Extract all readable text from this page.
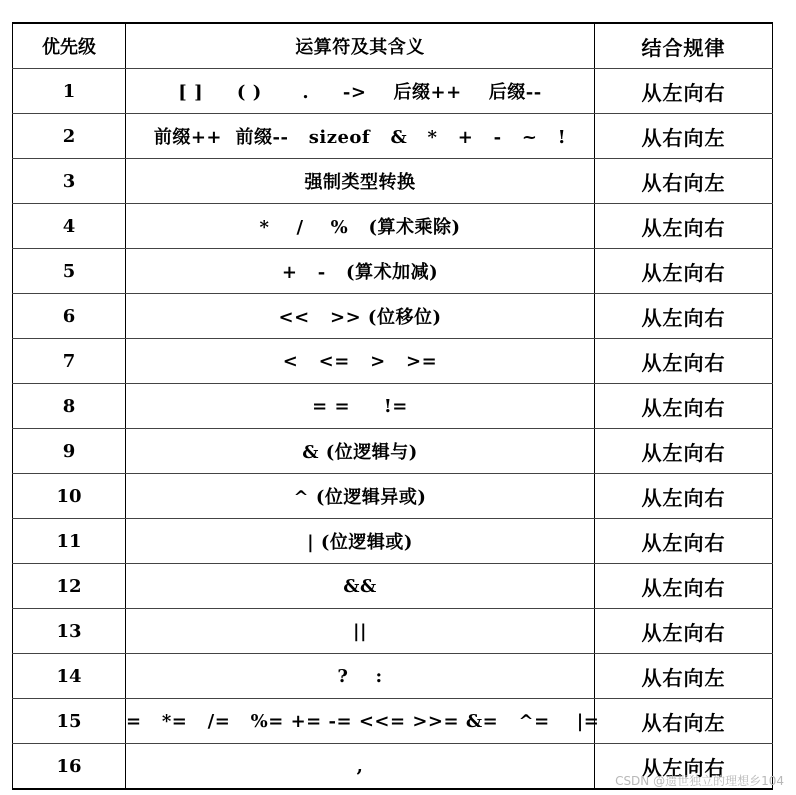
优先级	运算符及其含义	结合规律
1	[ ]     ( )      .     ->    后缀++    后缀--	从左向右
2	前缀++  前缀--   sizeof   &   *   +   -   ~   !	从右向左
3	强制类型转换	从右向左
4	*    /    %   (算术乘除)	从左向右
5	+   -   (算术加减)	从左向右
6	<<   >> (位移位)	从左向右
7	<   <=   >   >=	从左向右
8	= =     !=	从左向右
9	& (位逻辑与)	从左向右
10	^ (位逻辑异或)	从左向右
11	| (位逻辑或)	从左向右
12	&&	从左向右
13	||	从左向右
14	?    :	从右向左
15	=   *=   /=   %= += -= <<= >>= &=   ^=    |=	从右向左
16	,	从左向右
CSDN @遗世独立的理想乡104
